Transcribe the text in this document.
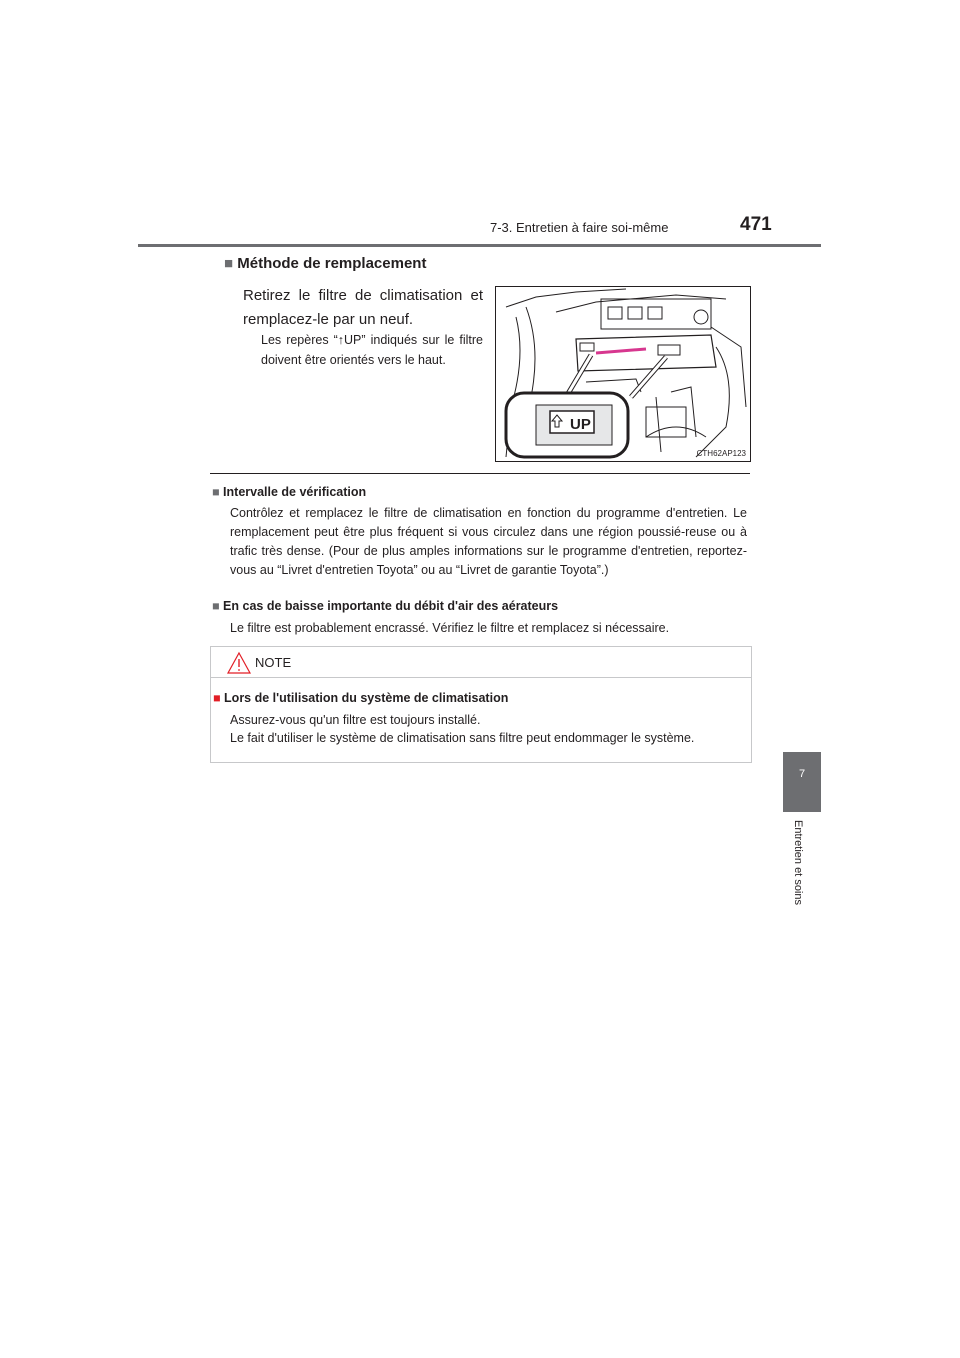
7-3. Entretien à faire soi-même	471
7
Entretien et soins
■ Méthode de remplacement
Retirez le filtre de climatisation et remplacez-le par un neuf.
Les repères “↑UP” indiqués sur le filtre doivent être orientés vers le haut.
UP
CTH62AP123
■ Intervalle de vérification
Contrôlez et remplacez le filtre de climatisation en fonction du programme d'entretien. Le remplacement peut être plus fréquent si vous circulez dans une région poussié-reuse ou à trafic très dense. (Pour de plus amples informations sur le programme d'entretien, reportez-vous au “Livret d'entretien Toyota” ou au “Livret de garantie Toyota”.)
■ En cas de baisse importante du débit d'air des aérateurs
Le filtre est probablement encrassé. Vérifiez le filtre et remplacez si nécessaire.
NOTE
■ Lors de l'utilisation du système de climatisation
Assurez-vous qu'un filtre est toujours installé.
Le fait d'utiliser le système de climatisation sans filtre peut endommager le système.
